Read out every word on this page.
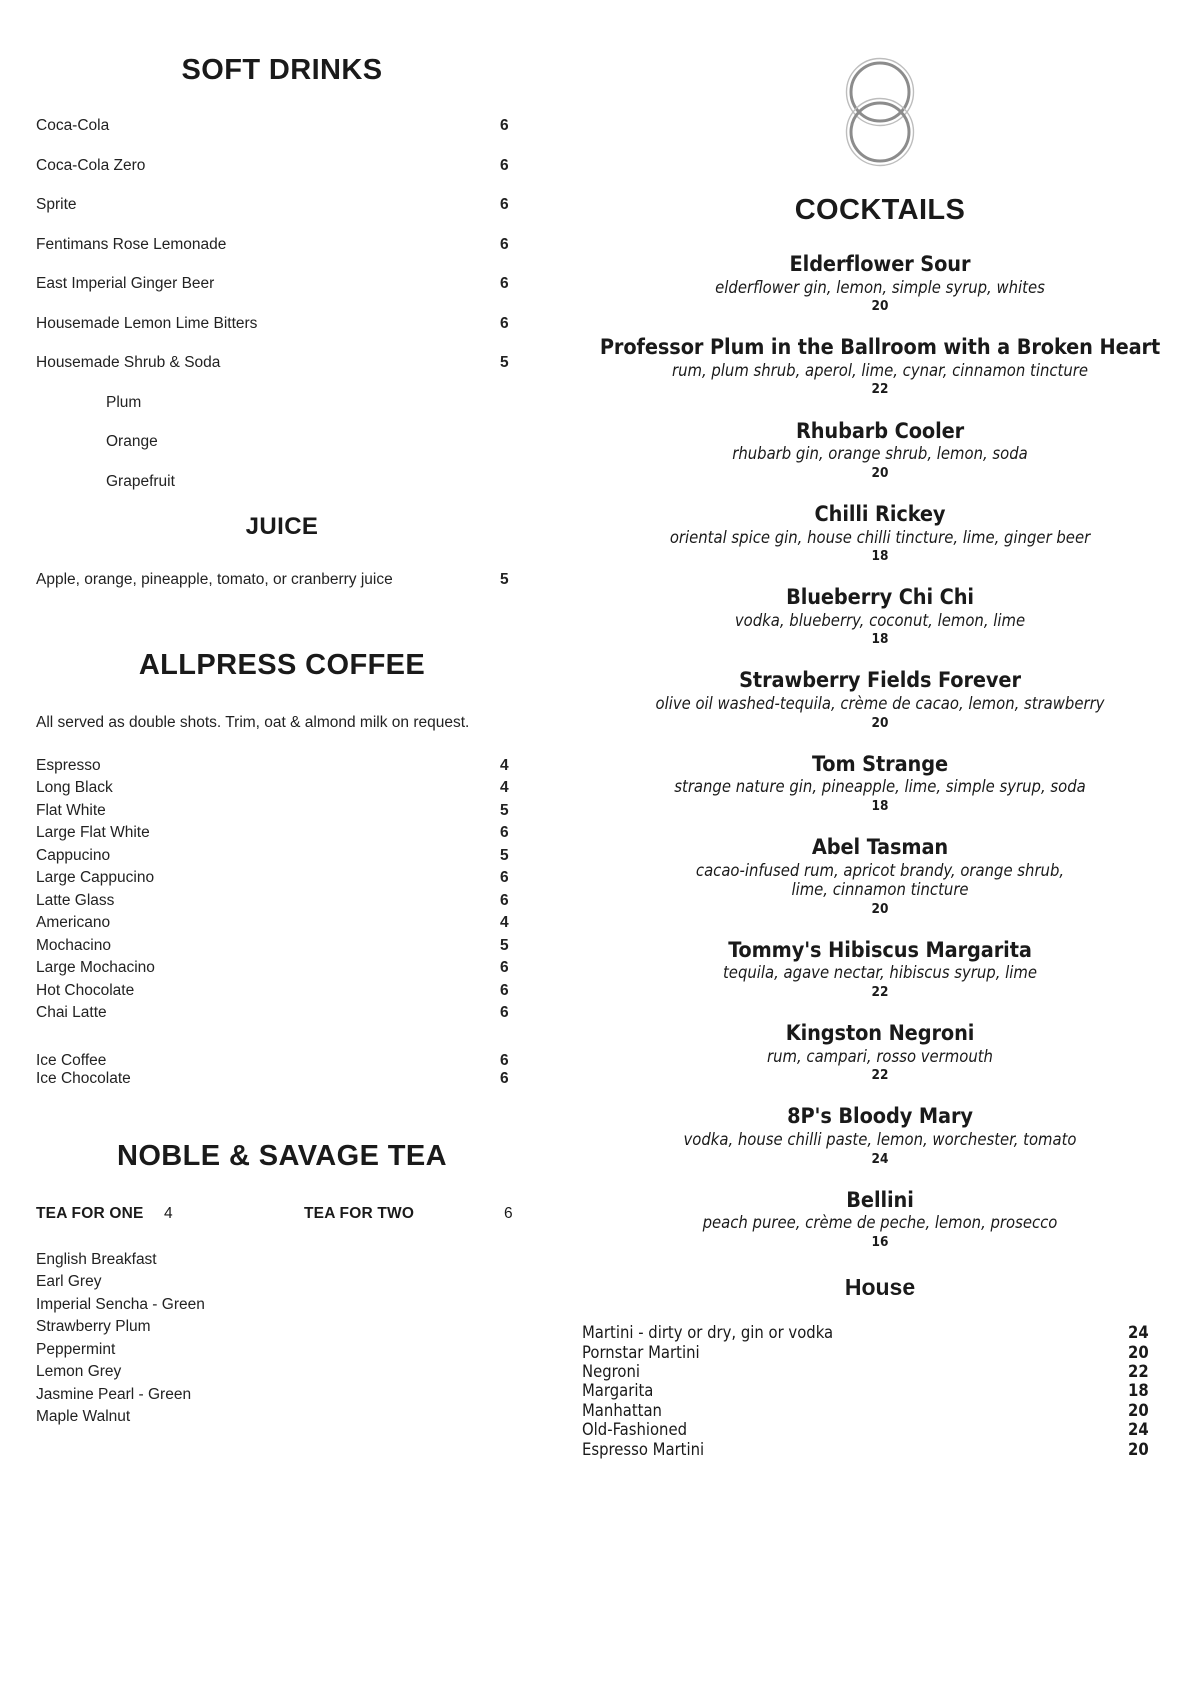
SOFT DRINKS
Coca-Cola	6
Coca-Cola Zero	6
Sprite	6
Fentimans Rose Lemonade	6
East Imperial Ginger Beer	6
Housemade Lemon Lime Bitters	6
Housemade Shrub & Soda	5
Plum
Orange
Grapefruit
JUICE
Apple, orange, pineapple, tomato, or cranberry juice	5
ALLPRESS COFFEE
All served as double shots. Trim, oat & almond milk on request.
Espresso	4
Long Black	4
Flat White	5
Large Flat White	6
Cappucino	5
Large Cappucino	6
Latte Glass	6
Americano	4
Mochacino	5
Large Mochacino	6
Hot Chocolate	6
Chai Latte	6
Ice Coffee	6
Ice Chocolate	6
NOBLE & SAVAGE TEA
TEA FOR ONE	4	TEA FOR TWO	6
English Breakfast
Earl Grey
Imperial Sencha - Green
Strawberry Plum
Peppermint
Lemon Grey
Jasmine Pearl - Green
Maple Walnut
COCKTAILS
Elderflower Sour
elderflower gin, lemon, simple syrup, whites
20
Professor Plum in the Ballroom with a Broken Heart
rum, plum shrub, aperol, lime, cynar, cinnamon tincture
22
Rhubarb Cooler
rhubarb gin, orange shrub, lemon, soda
20
Chilli Rickey
oriental spice gin, house chilli tincture, lime, ginger beer
18
Blueberry Chi Chi
vodka, blueberry, coconut, lemon, lime
18
Strawberry Fields Forever
olive oil washed-tequila, crème de cacao, lemon, strawberry
20
Tom Strange
strange nature gin, pineapple, lime, simple syrup, soda
18
Abel Tasman
cacao-infused rum, apricot brandy, orange shrub,
lime, cinnamon tincture
20
Tommy's Hibiscus Margarita
tequila, agave nectar, hibiscus syrup, lime
22
Kingston Negroni
rum, campari, rosso vermouth
22
8P's Bloody Mary
vodka, house chilli paste, lemon, worchester, tomato
24
Bellini
peach puree, crème de peche, lemon, prosecco
16
House
Martini - dirty or dry, gin or vodka	24
Pornstar Martini	20
Negroni	22
Margarita	18
Manhattan	20
Old-Fashioned	24
Espresso Martini	20
